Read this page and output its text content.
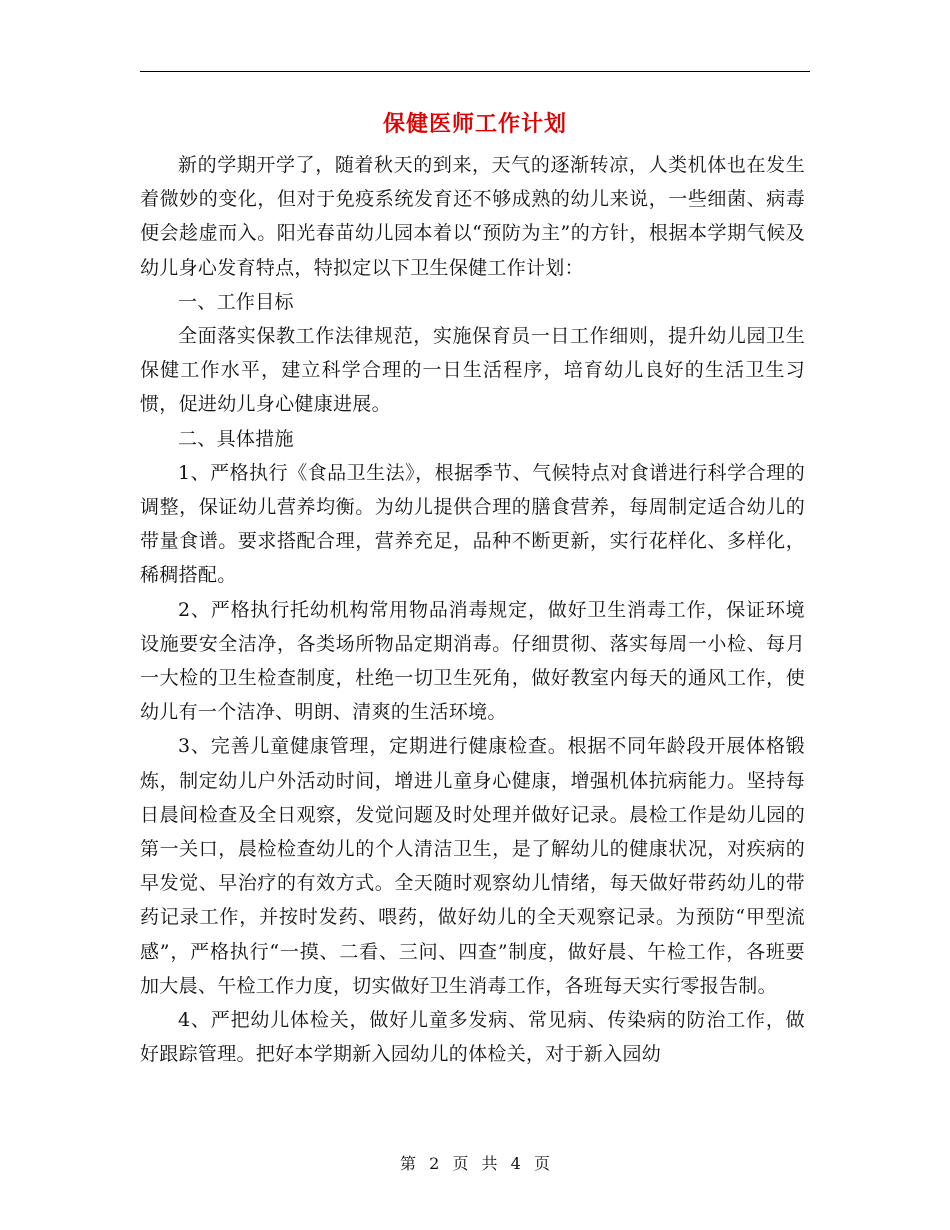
保健医师工作计划

新的学期开学了，随着秋天的到来，天气的逐渐转凉，人类机体也在发生着微妙的变化，但对于免疫系统发育还不够成熟的幼儿来说，一些细菌、病毒便会趁虚而入。阳光春苗幼儿园本着以“预防为主”的方针，根据本学期气候及幼儿身心发育特点，特拟定以下卫生保健工作计划：

一、工作目标

全面落实保教工作法律规范，实施保育员一日工作细则，提升幼儿园卫生保健工作水平，建立科学合理的一日生活程序，培育幼儿良好的生活卫生习惯，促进幼儿身心健康进展。

二、具体措施

1、严格执行《食品卫生法》，根据季节、气候特点对食谱进行科学合理的调整，保证幼儿营养均衡。为幼儿提供合理的膳食营养，每周制定适合幼儿的带量食谱。要求搭配合理，营养充足，品种不断更新，实行花样化、多样化，稀稠搭配。

2、严格执行托幼机构常用物品消毒规定，做好卫生消毒工作，保证环境设施要安全洁净，各类场所物品定期消毒。仔细贯彻、落实每周一小检、每月一大检的卫生检查制度，杜绝一切卫生死角，做好教室内每天的通风工作，使幼儿有一个洁净、明朗、清爽的生活环境。

3、完善儿童健康管理，定期进行健康检查。根据不同年龄段开展体格锻炼，制定幼儿户外活动时间，增进儿童身心健康，增强机体抗病能力。坚持每日晨间检查及全日观察，发觉问题及时处理并做好记录。晨检工作是幼儿园的第一关口，晨检检查幼儿的个人清洁卫生，是了解幼儿的健康状况，对疾病的早发觉、早治疗的有效方式。全天随时观察幼儿情绪，每天做好带药幼儿的带药记录工作，并按时发药、喂药，做好幼儿的全天观察记录。为预防“甲型流感”，严格执行“一摸、二看、三问、四查”制度，做好晨、午检工作，各班要加大晨、午检工作力度，切实做好卫生消毒工作，各班每天实行零报告制。

4、严把幼儿体检关，做好儿童多发病、常见病、传染病的防治工作，做好跟踪管理。把好本学期新入园幼儿的体检关，对于新入园幼

第 2 页 共 4 页
